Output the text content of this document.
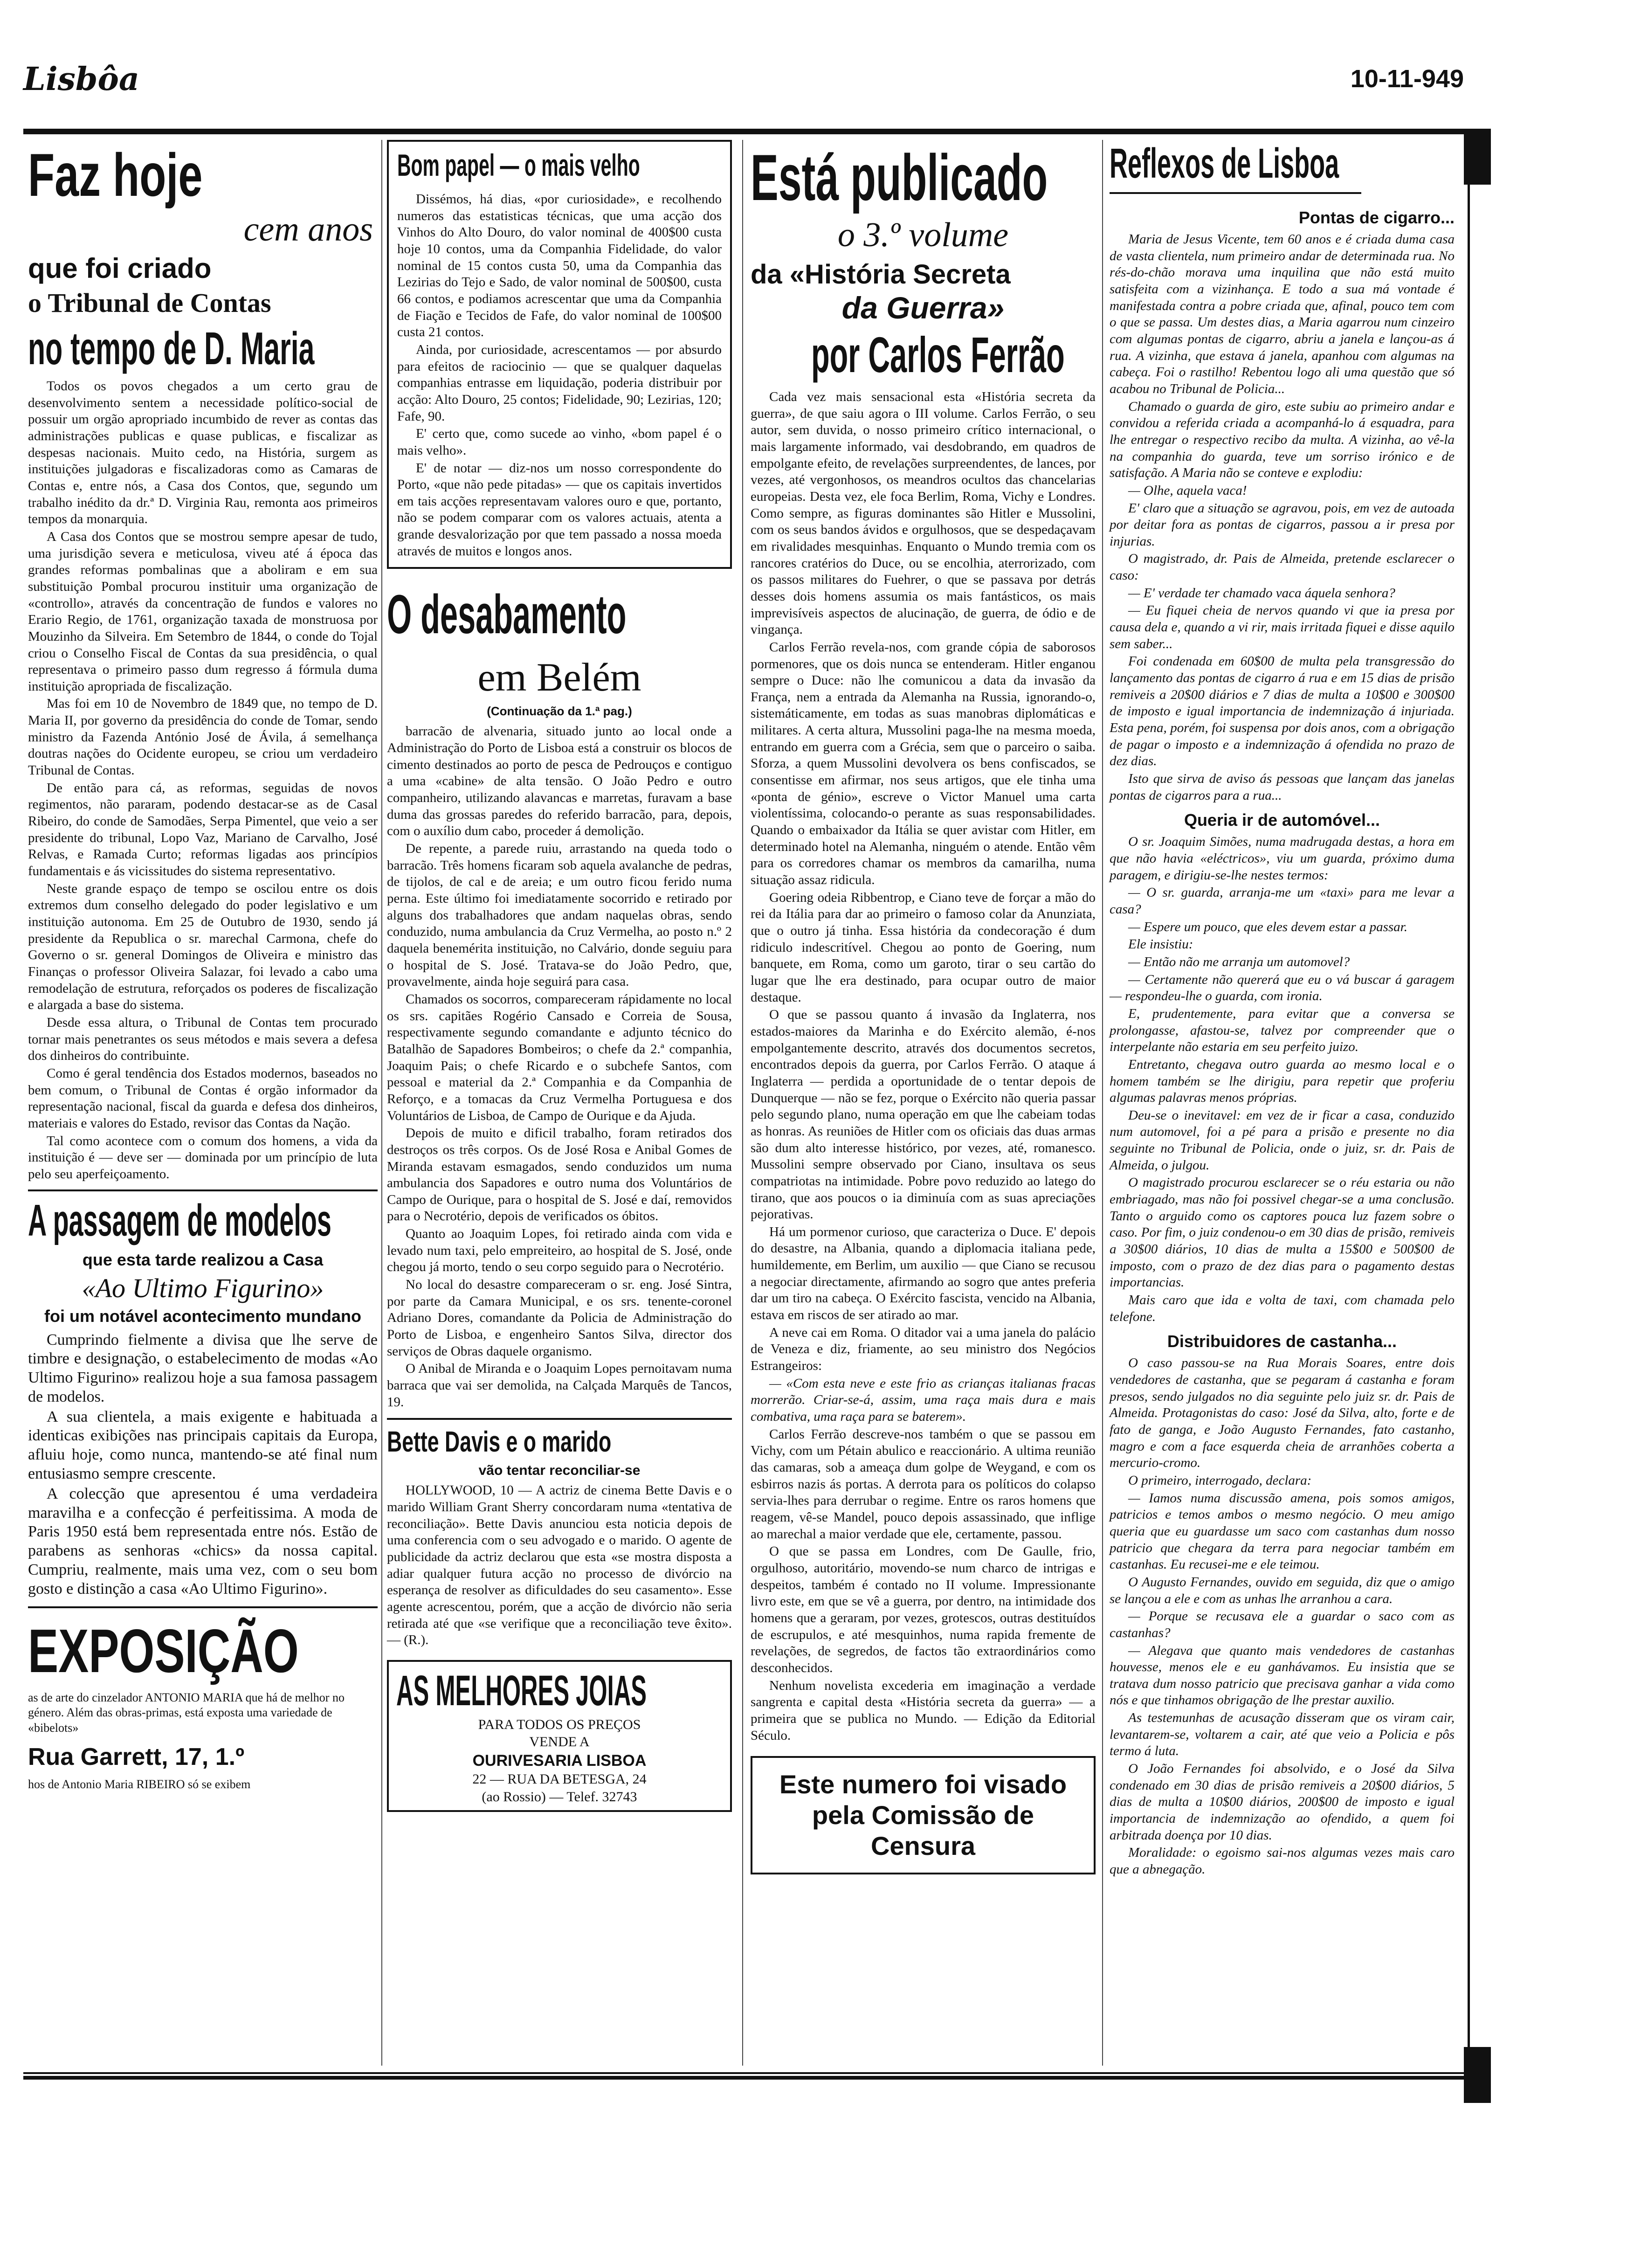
Lisbôa	10-11-949
Faz hoje
cem anos
que foi criado
o Tribunal de Contas
no tempo de D. Maria

Todos os povos chegados a um certo grau de desenvolvimento sentem a necessidade político-social de possuir um orgão apropriado incumbido de rever as contas das administrações publicas e quase publicas, e fiscalizar as despesas nacionais. Muito cedo, na História, surgem as instituições julgadoras e fiscalizadoras como as Camaras de Contas e, entre nós, a Casa dos Contos, que, segundo um trabalho inédito da dr.ª D. Virginia Rau, remonta aos primeiros tempos da monarquia.

A Casa dos Contos que se mostrou sempre apesar de tudo, uma jurisdição severa e meticulosa, viveu até á época das grandes reformas pombalinas que a aboliram e em sua substituição Pombal procurou instituir uma organização de «controllo», através da concentração de fundos e valores no Erario Regio, de 1761, organização taxada de monstruosa por Mouzinho da Silveira. Em Setembro de 1844, o conde do Tojal criou o Conselho Fiscal de Contas da sua presidência, o qual representava o primeiro passo dum regresso á fórmula duma instituição apropriada de fiscalização.

Mas foi em 10 de Novembro de 1849 que, no tempo de D. Maria II, por governo da presidência do conde de Tomar, sendo ministro da Fazenda António José de Ávila, á semelhança doutras nações do Ocidente europeu, se criou um verdadeiro Tribunal de Contas.

De então para cá, as reformas, seguidas de novos regimentos, não pararam, podendo destacar-se as de Casal Ribeiro, do conde de Samodães, Serpa Pimentel, que veio a ser presidente do tribunal, Lopo Vaz, Mariano de Carvalho, José Relvas, e Ramada Curto; reformas ligadas aos princípios fundamentais e ás vicissitudes do sistema representativo.

Neste grande espaço de tempo se oscilou entre os dois extremos dum conselho delegado do poder legislativo e um instituição autonoma. Em 25 de Outubro de 1930, sendo já presidente da Republica o sr. marechal Carmona, chefe do Governo o sr. general Domingos de Oliveira e ministro das Finanças o professor Oliveira Salazar, foi levado a cabo uma remodelação de estrutura, reforçados os poderes de fiscalização e alargada a base do sistema.

Desde essa altura, o Tribunal de Contas tem procurado tornar mais penetrantes os seus métodos e mais severa a defesa dos dinheiros do contribuinte.

Como é geral tendência dos Estados modernos, baseados no bem comum, o Tribunal de Contas é orgão informador da representação nacional, fiscal da guarda e defesa dos dinheiros, materiais e valores do Estado, revisor das Contas da Nação.

Tal como acontece com o comum dos homens, a vida da instituição é — deve ser — dominada por um princípio de luta pelo seu aperfeiçoamento.

A passagem de modelos
que esta tarde realizou a Casa
«Ao Ultimo Figurino»
foi um notável acontecimento mundano

Cumprindo fielmente a divisa que lhe serve de timbre e designação, o estabelecimento de modas «Ao Ultimo Figurino» realizou hoje a sua famosa passagem de modelos.

A sua clientela, a mais exigente e habituada a identicas exibições nas principais capitais da Europa, afluiu hoje, como nunca, mantendo-se até final num entusiasmo sempre crescente.

A colecção que apresentou é uma verdadeira maravilha e a confecção é perfeitissima. A moda de Paris 1950 está bem representada entre nós. Estão de parabens as senhoras «chics» da nossa capital. Cumpriu, realmente, mais uma vez, com o seu bom gosto e distinção a casa «Ao Ultimo Figurino».

EXPOSIÇÃO
as de arte do cinzelador ANTONIO MARIA que há de melhor no género. Além das obras-primas, está exposta uma variedade de «bibelots»
Rua Garrett, 17, 1.º
hos de Antonio Maria RIBEIRO só se exibem
Bom papel — o mais velho

Dissémos, há dias, «por curiosidade», e recolhendo numeros das estatisticas técnicas, que uma acção dos Vinhos do Alto Douro, do valor nominal de 400$00 custa hoje 10 contos, uma da Companhia Fidelidade, do valor nominal de 15 contos custa 50, uma da Companhia das Lezirias do Tejo e Sado, de valor nominal de 500$00, custa 66 contos, e podiamos acrescentar que uma da Companhia de Fiação e Tecidos de Fafe, do valor nominal de 100$00 custa 21 contos.

Ainda, por curiosidade, acrescentamos — por absurdo para efeitos de raciocinio — que se qualquer daquelas companhias entrasse em liquidação, poderia distribuir por acção: Alto Douro, 25 contos; Fidelidade, 90; Lezirias, 120; Fafe, 90.

E' certo que, como sucede ao vinho, «bom papel é o mais velho».

E' de notar — diz-nos um nosso correspondente do Porto, «que não pede pitadas» — que os capitais invertidos em tais acções representavam valores ouro e que, portanto, não se podem comparar com os valores actuais, atenta a grande desvalorização por que tem passado a nossa moeda através de muitos e longos anos.

O desabamento
em Belém
(Continuação da 1.ª pag.)

barracão de alvenaria, situado junto ao local onde a Administração do Porto de Lisboa está a construir os blocos de cimento destinados ao porto de pesca de Pedrouços e contiguo a uma «cabine» de alta tensão. O João Pedro e outro companheiro, utilizando alavancas e marretas, furavam a base duma das grossas paredes do referido barracão, para, depois, com o auxílio dum cabo, proceder á demolição.

De repente, a parede ruiu, arrastando na queda todo o barracão. Três homens ficaram sob aquela avalanche de pedras, de tijolos, de cal e de areia; e um outro ficou ferido numa perna. Este último foi imediatamente socorrido e retirado por alguns dos trabalhadores que andam naquelas obras, sendo conduzido, numa ambulancia da Cruz Vermelha, ao posto n.º 2 daquela benemérita instituição, no Calvário, donde seguiu para o hospital de S. José. Tratava-se do João Pedro, que, provavelmente, ainda hoje seguirá para casa.

Chamados os socorros, compareceram rápidamente no local os srs. capitães Rogério Cansado e Correia de Sousa, respectivamente segundo comandante e adjunto técnico do Batalhão de Sapadores Bombeiros; o chefe da 2.ª companhia, Joaquim Pais; o chefe Ricardo e o subchefe Santos, com pessoal e material da 2.ª Companhia e da Companhia de Reforço, e a tomacas da Cruz Vermelha Portuguesa e dos Voluntários de Lisboa, de Campo de Ourique e da Ajuda.

Depois de muito e dificil trabalho, foram retirados dos destroços os três corpos. Os de José Rosa e Anibal Gomes de Miranda estavam esmagados, sendo conduzidos um numa ambulancia dos Sapadores e outro numa dos Voluntários de Campo de Ourique, para o hospital de S. José e daí, removidos para o Necrotério, depois de verificados os óbitos.

Quanto ao Joaquim Lopes, foi retirado ainda com vida e levado num taxi, pelo empreiteiro, ao hospital de S. José, onde chegou já morto, tendo o seu corpo seguido para o Necrotério.

No local do desastre compareceram o sr. eng. José Sintra, por parte da Camara Municipal, e os srs. tenente-coronel Adriano Dores, comandante da Policia de Administração do Porto de Lisboa, e engenheiro Santos Silva, director dos serviços de Obras daquele organismo.

O Anibal de Miranda e o Joaquim Lopes pernoitavam numa barraca que vai ser demolida, na Calçada Marquês de Tancos, 19.

Bette Davis e o marido
vão tentar reconciliar-se

HOLLYWOOD, 10 — A actriz de cinema Bette Davis e o marido William Grant Sherry concordaram numa «tentativa de reconciliação». Bette Davis anunciou esta noticia depois de uma conferencia com o seu advogado e o marido. O agente de publicidade da actriz declarou que esta «se mostra disposta a adiar qualquer futura acção no processo de divórcio na esperança de resolver as dificuldades do seu casamento». Esse agente acrescentou, porém, que a acção de divórcio não seria retirada até que «se verifique que a reconciliação teve êxito». — (R.).

AS MELHORES JOIAS
PARA TODOS OS PREÇOS
VENDE A
OURIVESARIA LISBOA
22 — RUA DA BETESGA, 24
(ao Rossio) — Telef. 32743
Está publicado
o 3.º volume
da «História Secreta
da Guerra»
por Carlos Ferrão

Cada vez mais sensacional esta «História secreta da guerra», de que saiu agora o III volume. Carlos Ferrão, o seu autor, sem duvida, o nosso primeiro crítico internacional, o mais largamente informado, vai desdobrando, em quadros de empolgante efeito, de revelações surpreendentes, de lances, por vezes, até vergonhosos, os meandros ocultos das chancelarias europeias. Desta vez, ele foca Berlim, Roma, Vichy e Londres. Como sempre, as figuras dominantes são Hitler e Mussolini, com os seus bandos ávidos e orgulhosos, que se despedaçavam em rivalidades mesquinhas. Enquanto o Mundo tremia com os rancores cratérios do Duce, ou se encolhia, aterrorizado, com os passos militares do Fuehrer, o que se passava por detrás desses dois homens assumia os mais fantásticos, os mais imprevisíveis aspectos de alucinação, de guerra, de ódio e de vingança.

Carlos Ferrão revela-nos, com grande cópia de saborosos pormenores, que os dois nunca se entenderam. Hitler enganou sempre o Duce: não lhe comunicou a data da invasão da França, nem a entrada da Alemanha na Russia, ignorando-o, sistemáticamente, em todas as suas manobras diplomáticas e militares. A certa altura, Mussolini paga-lhe na mesma moeda, entrando em guerra com a Grécia, sem que o parceiro o saiba. Sforza, a quem Mussolini devolvera os bens confiscados, se consentisse em afirmar, nos seus artigos, que ele tinha uma «ponta de génio», escreve o Victor Manuel uma carta violentíssima, colocando-o perante as suas responsabilidades. Quando o embaixador da Itália se quer avistar com Hitler, em determinado hotel na Alemanha, ninguém o atende. Então vêm para os corredores chamar os membros da camarilha, numa situação assaz ridicula.

Goering odeia Ribbentrop, e Ciano teve de forçar a mão do rei da Itália para dar ao primeiro o famoso colar da Anunziata, que o outro já tinha. Essa história da condecoração é dum ridiculo indescritível. Chegou ao ponto de Goering, num banquete, em Roma, como um garoto, tirar o seu cartão do lugar que lhe era destinado, para ocupar outro de maior destaque.

O que se passou quanto á invasão da Inglaterra, nos estados-maiores da Marinha e do Exército alemão, é-nos empolgantemente descrito, através dos documentos secretos, encontrados depois da guerra, por Carlos Ferrão. O ataque á Inglaterra — perdida a oportunidade de o tentar depois de Dunquerque — não se fez, porque o Exército não queria passar pelo segundo plano, numa operação em que lhe cabeiam todas as honras. As reuniões de Hitler com os oficiais das duas armas são dum alto interesse histórico, por vezes, até, romanesco. Mussolini sempre observado por Ciano, insultava os seus compatriotas na intimidade. Pobre povo reduzido ao latego do tirano, que aos poucos o ia diminuía com as suas apreciações pejorativas.

Há um pormenor curioso, que caracteriza o Duce. E' depois do desastre, na Albania, quando a diplomacia italiana pede, humildemente, em Berlim, um auxilio — que Ciano se recusou a negociar directamente, afirmando ao sogro que antes preferia dar um tiro na cabeça. O Exército fascista, vencido na Albania, estava em riscos de ser atirado ao mar.

A neve cai em Roma. O ditador vai a uma janela do palácio de Veneza e diz, friamente, ao seu ministro dos Negócios Estrangeiros:

— «Com esta neve e este frio as crianças italianas fracas morrerão. Criar-se-á, assim, uma raça mais dura e mais combativa, uma raça para se baterem».

Carlos Ferrão descreve-nos também o que se passou em Vichy, com um Pétain abulico e reaccionário. A ultima reunião das camaras, sob a ameaça dum golpe de Weygand, e com os esbirros nazis ás portas. A derrota para os políticos do colapso servia-lhes para derrubar o regime. Entre os raros homens que reagem, vê-se Mandel, pouco depois assassinado, que inflige ao marechal a maior verdade que ele, certamente, passou.

O que se passa em Londres, com De Gaulle, frio, orgulhoso, autoritário, movendo-se num charco de intrigas e despeitos, também é contado no II volume. Impressionante livro este, em que se vê a guerra, por dentro, na intimidade dos homens que a geraram, por vezes, grotescos, outras destituídos de escrupulos, e até mesquinhos, numa rapida fremente de revelações, de segredos, de factos tão extraordinários como desconhecidos.

Nenhum novelista excederia em imaginação a verdade sangrenta e capital desta «História secreta da guerra» — a primeira que se publica no Mundo. — Edição da Editorial Século.

Este numero foi visado pela Comissão de Censura
Reflexos de Lisboa
Pontas de cigarro...

Maria de Jesus Vicente, tem 60 anos e é criada duma casa de vasta clientela, num primeiro andar de determinada rua. No rés-do-chão morava uma inquilina que não está muito satisfeita com a vizinhança. E todo a sua má vontade é manifestada contra a pobre criada que, afinal, pouco tem com o que se passa. Um destes dias, a Maria agarrou num cinzeiro com algumas pontas de cigarro, abriu a janela e lançou-as á rua. A vizinha, que estava á janela, apanhou com algumas na cabeça. Foi o rastilho! Rebentou logo ali uma questão que só acabou no Tribunal de Policia...

Chamado o guarda de giro, este subiu ao primeiro andar e convidou a referida criada a acompanhá-lo á esquadra, para lhe entregar o respectivo recibo da multa. A vizinha, ao vê-la na companhia do guarda, teve um sorriso irónico e de satisfação. A Maria não se conteve e explodiu:

— Olhe, aquela vaca!

E' claro que a situação se agravou, pois, em vez de autoada por deitar fora as pontas de cigarros, passou a ir presa por injurias.

O magistrado, dr. Pais de Almeida, pretende esclarecer o caso:

— E' verdade ter chamado vaca áquela senhora?

— Eu fiquei cheia de nervos quando vi que ia presa por causa dela e, quando a vi rir, mais irritada fiquei e disse aquilo sem saber...

Foi condenada em 60$00 de multa pela transgressão do lançamento das pontas de cigarro á rua e em 15 dias de prisão remiveis a 20$00 diários e 7 dias de multa a 10$00 e 300$00 de imposto e igual importancia de indemnização á injuriada. Esta pena, porém, foi suspensa por dois anos, com a obrigação de pagar o imposto e a indemnização á ofendida no prazo de dez dias.

Isto que sirva de aviso ás pessoas que lançam das janelas pontas de cigarros para a rua...

Queria ir de automóvel...

O sr. Joaquim Simões, numa madrugada destas, a hora em que não havia «eléctricos», viu um guarda, próximo duma paragem, e dirigiu-se-lhe nestes termos:

— O sr. guarda, arranja-me um «taxi» para me levar a casa?

— Espere um pouco, que eles devem estar a passar.

Ele insistiu:

— Então não me arranja um automovel?

— Certamente não quererá que eu o vá buscar á garagem — respondeu-lhe o guarda, com ironia.

E, prudentemente, para evitar que a conversa se prolongasse, afastou-se, talvez por compreender que o interpelante não estaria em seu perfeito juizo.

Entretanto, chegava outro guarda ao mesmo local e o homem também se lhe dirigiu, para repetir que proferiu algumas palavras menos próprias.

Deu-se o inevitavel: em vez de ir ficar a casa, conduzido num automovel, foi a pé para a prisão e presente no dia seguinte no Tribunal de Policia, onde o juiz, sr. dr. Pais de Almeida, o julgou.

O magistrado procurou esclarecer se o réu estaria ou não embriagado, mas não foi possivel chegar-se a uma conclusão. Tanto o arguido como os captores pouca luz fazem sobre o caso. Por fim, o juiz condenou-o em 30 dias de prisão, remiveis a 30$00 diários, 10 dias de multa a 15$00 e 500$00 de imposto, com o prazo de dez dias para o pagamento destas importancias.

Mais caro que ida e volta de taxi, com chamada pelo telefone.

Distribuidores de castanha...

O caso passou-se na Rua Morais Soares, entre dois vendedores de castanha, que se pegaram á castanha e foram presos, sendo julgados no dia seguinte pelo juiz sr. dr. Pais de Almeida. Protagonistas do caso: José da Silva, alto, forte e de fato de ganga, e João Augusto Fernandes, fato castanho, magro e com a face esquerda cheia de arranhões coberta a mercurio-cromo.

O primeiro, interrogado, declara:

— Iamos numa discussão amena, pois somos amigos, patricios e temos ambos o mesmo negócio. O meu amigo queria que eu guardasse um saco com castanhas dum nosso patricio que chegara da terra para negociar também em castanhas. Eu recusei-me e ele teimou.

O Augusto Fernandes, ouvido em seguida, diz que o amigo se lançou a ele e com as unhas lhe arranhou a cara.

— Porque se recusava ele a guardar o saco com as castanhas?

— Alegava que quanto mais vendedores de castanhas houvesse, menos ele e eu ganhávamos. Eu insistia que se tratava dum nosso patricio que precisava ganhar a vida como nós e que tinhamos obrigação de lhe prestar auxilio.

As testemunhas de acusação disseram que os viram cair, levantarem-se, voltarem a cair, até que veio a Policia e pôs termo á luta.

O João Fernandes foi absolvido, e o José da Silva condenado em 30 dias de prisão remiveis a 20$00 diários, 5 dias de multa a 10$00 diários, 200$00 de imposto e igual importancia de indemnização ao ofendido, a quem foi arbitrada doença por 10 dias.

Moralidade: o egoismo sai-nos algumas vezes mais caro que a abnegação.
